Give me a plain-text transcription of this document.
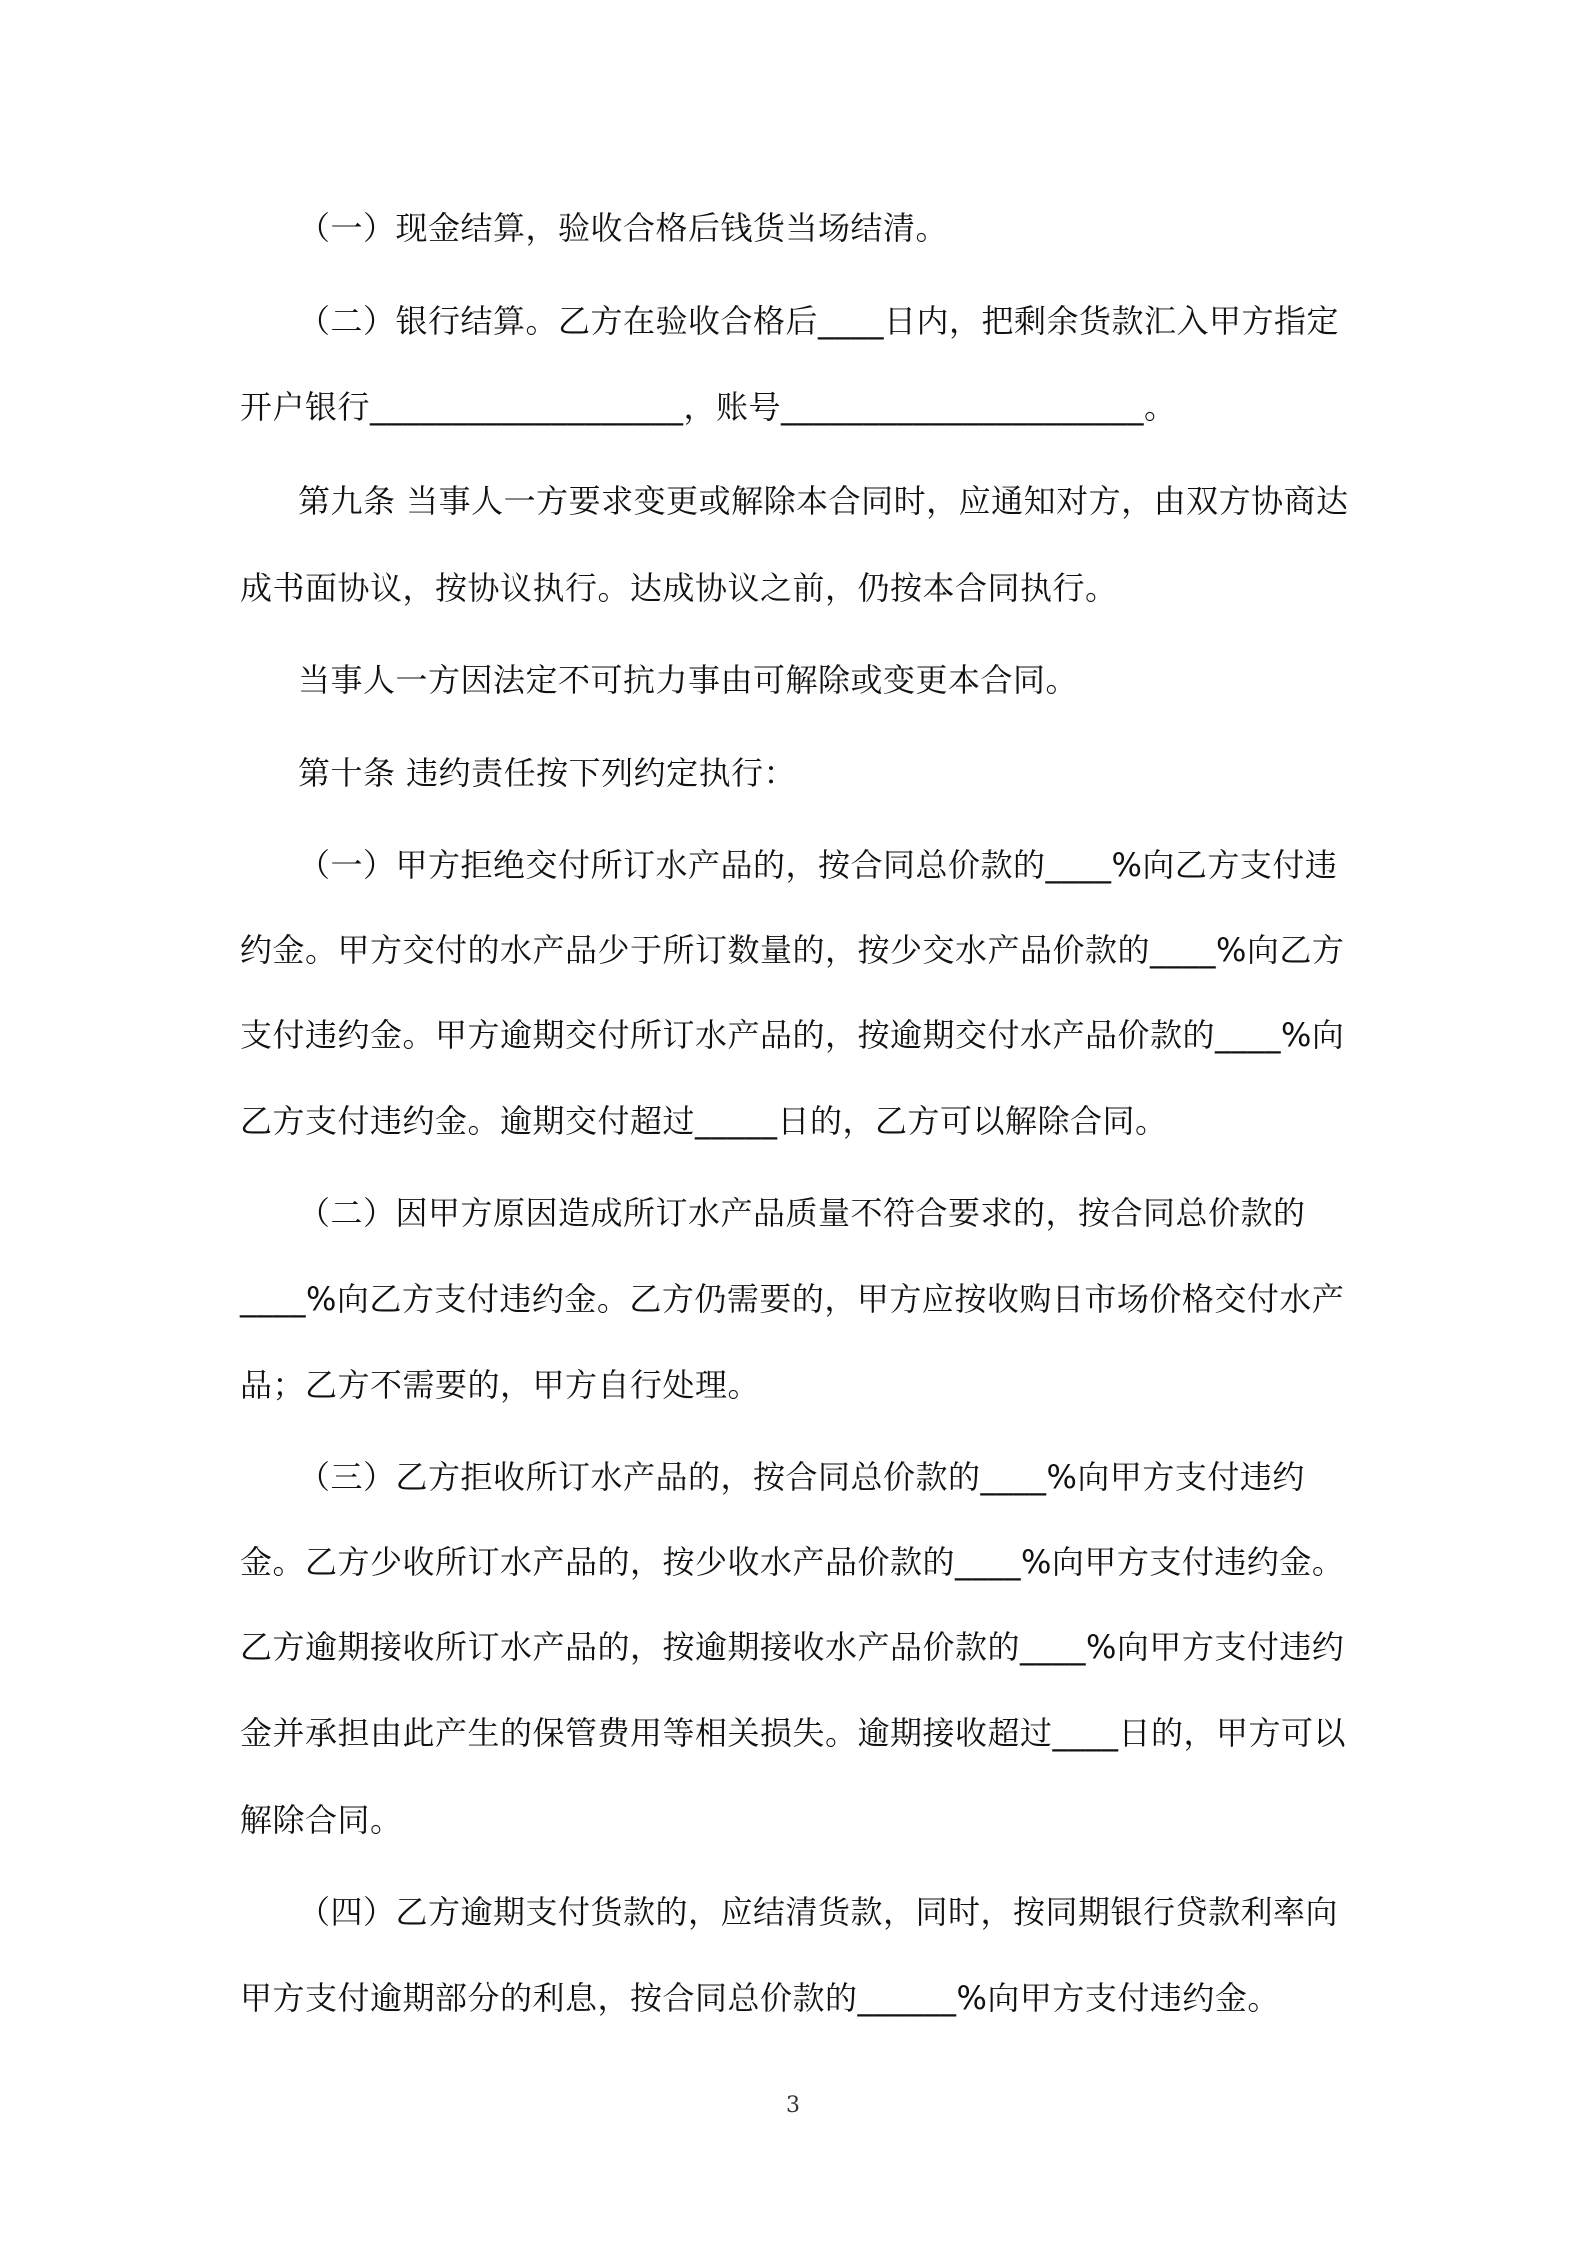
（一）现金结算，验收合格后钱货当场结清。
（二）银行结算。乙方在验收合格后____日内，把剩余货款汇入甲方指定
开户银行___________________，账号______________________。
第九条 当事人一方要求变更或解除本合同时，应通知对方，由双方协商达
成书面协议，按协议执行。达成协议之前，仍按本合同执行。
当事人一方因法定不可抗力事由可解除或变更本合同。
第十条 违约责任按下列约定执行：
（一）甲方拒绝交付所订水产品的，按合同总价款的____%向乙方支付违
约金。甲方交付的水产品少于所订数量的，按少交水产品价款的____%向乙方
支付违约金。甲方逾期交付所订水产品的，按逾期交付水产品价款的____%向
乙方支付违约金。逾期交付超过_____日的，乙方可以解除合同。
（二）因甲方原因造成所订水产品质量不符合要求的，按合同总价款的
____%向乙方支付违约金。乙方仍需要的，甲方应按收购日市场价格交付水产
品；乙方不需要的，甲方自行处理。
（三）乙方拒收所订水产品的，按合同总价款的____%向甲方支付违约
金。乙方少收所订水产品的，按少收水产品价款的____%向甲方支付违约金。
乙方逾期接收所订水产品的，按逾期接收水产品价款的____%向甲方支付违约
金并承担由此产生的保管费用等相关损失。逾期接收超过____日的，甲方可以
解除合同。
（四）乙方逾期支付货款的，应结清货款，同时，按同期银行贷款利率向
甲方支付逾期部分的利息，按合同总价款的______%向甲方支付违约金。
3
